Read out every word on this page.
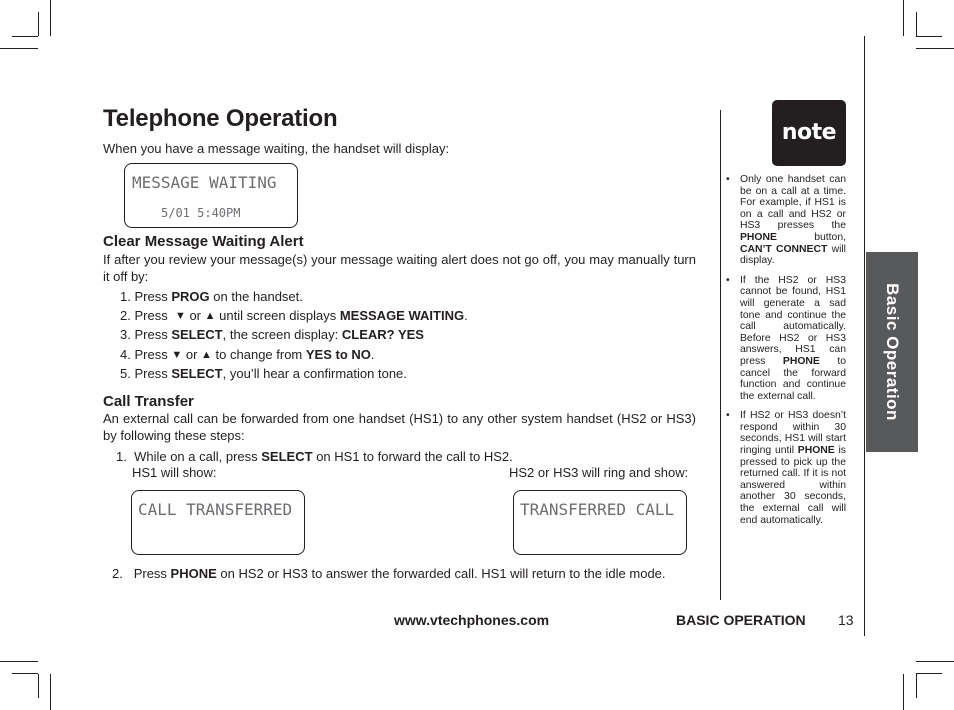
Telephone Operation

When you have a message waiting, the handset will display:

MESSAGE WAITING
5/01 5:40PM
Clear Message Waiting Alert

If after you review your message(s) your message waiting alert does not go off, you may manually turn it off by:

1. Press PROG on the handset.
2. Press ▼ or ▲ until screen displays MESSAGE WAITING.
3. Press SELECT, the screen display: CLEAR? YES
4. Press ▼ or ▲ to change from YES to NO.
5. Press SELECT, you’ll hear a confirmation tone.
Call Transfer

An external call can be forwarded from one handset (HS1) to any other system handset (HS2 or HS3) by following these steps:

1. While on a call, press SELECT on HS1 to forward the call to HS2.
HS1 will show:	HS2 or HS3 will ring and show:
CALL TRANSFERRED	TRANSFERRED CALL
2. Press PHONE on HS2 or HS3 to answer the forwarded call. HS1 will return to the idle mode.
note
• Only one handset can be on a call at a time. For example, if HS1 is on a call and HS2 or HS3 presses the PHONE	button, CAN’T CONNECT will display.
• If the HS2 or HS3 cannot be found, HS1 will generate a sad tone and continue the call automatically. Before HS2 or HS3 answers, HS1 can press PHONE to cancel the forward function and continue the external call.
• If HS2 or HS3 doesn’t respond within 30 seconds, HS1 will start ringing until PHONE is pressed to pick up the returned call. If it is not answered within another 30 seconds, the external call will end automatically.
Basic Operation
www.vtechphones.com	BASIC OPERATION 13
